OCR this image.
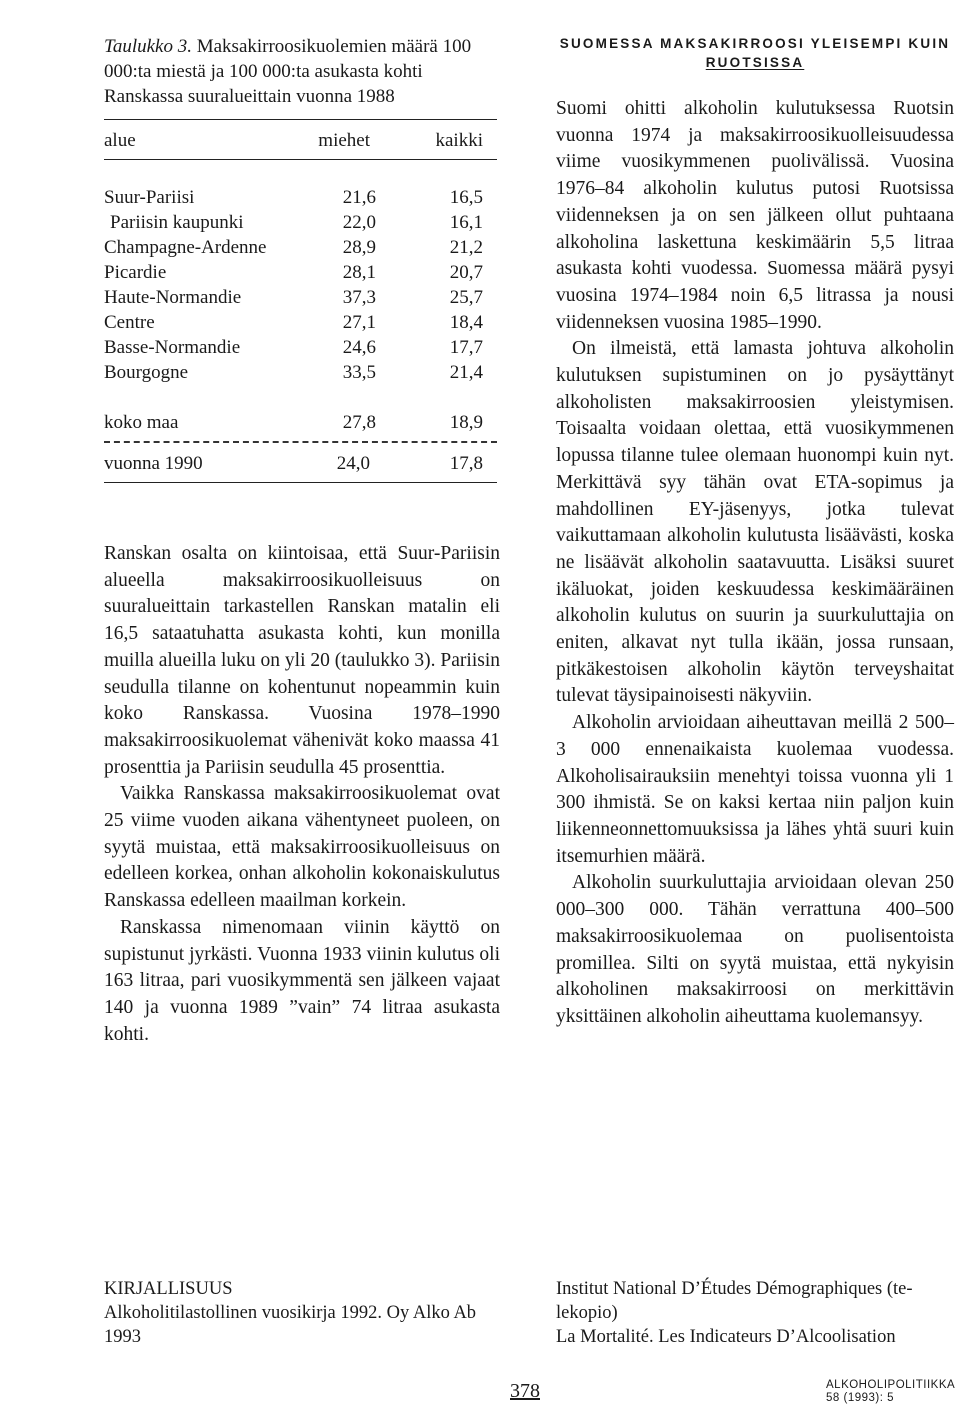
Taulukko 3. Maksakirroosikuolemien määrä 100 000:ta miestä ja 100 000:ta asukasta kohti Ranskassa suuralueittain vuonna 1988

alue	miehet	kaikki

Suur-Pariisi	21,6	16,5
Pariisin kaupunki	22,0	16,1
Champagne-Ardenne	28,9	21,2
Picardie	28,1	20,7
Haute-Normandie	37,3	25,7
Centre	27,1	18,4
Basse-Normandie	24,6	17,7
Bourgogne	33,5	21,4

koko maa	27,8	18,9

vuonna 1990	24,0	17,8

Ranskan osalta on kiintoisaa, että Suur-Pariisin alueella maksakirroosikuolleisuus on suuralueittain tarkastellen Ranskan matalin eli 16,5 sataatuhatta asukasta kohti, kun monilla muilla alueilla luku on yli 20 (taulukko 3). Pariisin seudulla tilanne on kohentunut nopeammin kuin koko Ranskassa. Vuosina 1978–1990 maksakirroosikuolemat vähenivät koko maassa 41 prosenttia ja Pariisin seudulla 45 prosenttia.

Vaikka Ranskassa maksakirroosikuolemat ovat 25 viime vuoden aikana vähentyneet puoleen, on syytä muistaa, että maksakirroosikuolleisuus on edelleen korkea, onhan alkoholin kokonaiskulutus Ranskassa edelleen maailman korkein.

Ranskassa nimenomaan viinin käyttö on supistunut jyrkästi. Vuonna 1933 viinin kulutus oli 163 litraa, pari vuosikymmentä sen jälkeen vajaat 140 ja vuonna 1989 ”vain” 74 litraa asukasta kohti.

SUOMESSA MAKSAKIRROOSI YLEISEMPI KUIN
RUOTSISSA

Suomi ohitti alkoholin kulutuksessa Ruotsin vuonna 1974 ja maksakirroosikuolleisuudessa viime vuosikymmenen puolivälissä. Vuosina 1976–84 alkoholin kulutus putosi Ruotsissa viidenneksen ja on sen jälkeen ollut puhtaana alkoholina laskettuna keskimäärin 5,5 litraa asukasta kohti vuodessa. Suomessa määrä pysyi vuosina 1974–1984 noin 6,5 litrassa ja nousi viidenneksen vuosina 1985–1990.

On ilmeistä, että lamasta johtuva alkoholin kulutuksen supistuminen on jo pysäyttänyt alkoholisten maksakirroosien yleistymisen. Toisaalta voidaan olettaa, että vuosikymmenen lopussa tilanne tulee olemaan huonompi kuin nyt. Merkittävä syy tähän ovat ETA-sopimus ja mahdollinen EY-jäsenyys, jotka tulevat vaikuttamaan alkoholin kulutusta lisäävästi, koska ne lisäävät alkoholin saatavuutta. Lisäksi suuret ikäluokat, joiden keskuudessa keskimääräinen alkoholin kulutus on suurin ja suurkuluttajia on eniten, alkavat nyt tulla ikään, jossa runsaan, pitkäkestoisen alkoholin käytön terveyshaitat tulevat täysipainoisesti näkyviin.

Alkoholin arvioidaan aiheuttavan meillä 2 500–3 000 ennenaikaista kuolemaa vuodessa. Alkoholisairauksiin menehtyi toissa vuonna yli 1 300 ihmistä. Se on kaksi kertaa niin paljon kuin liikenneonnettomuuksissa ja lähes yhtä suuri kuin itsemurhien määrä.

Alkoholin suurkuluttajia arvioidaan olevan 250 000–300 000. Tähän verrattuna 400–500 maksakirroosikuolemaa on puolisentoista promillea. Silti on syytä muistaa, että nykyisin alkoholinen maksakirroosi on merkittävin yksittäinen alkoholin aiheuttama kuolemansyy.

KIRJALLISUUS
Alkoholitilastollinen vuosikirja 1992. Oy Alko Ab
1993
Institut National D’Études Démographiques (te-
lekopio)
La Mortalité. Les Indicateurs D’Alcoolisation
378	ALKOHOLIPOLITIIKKA
58 (1993): 5
